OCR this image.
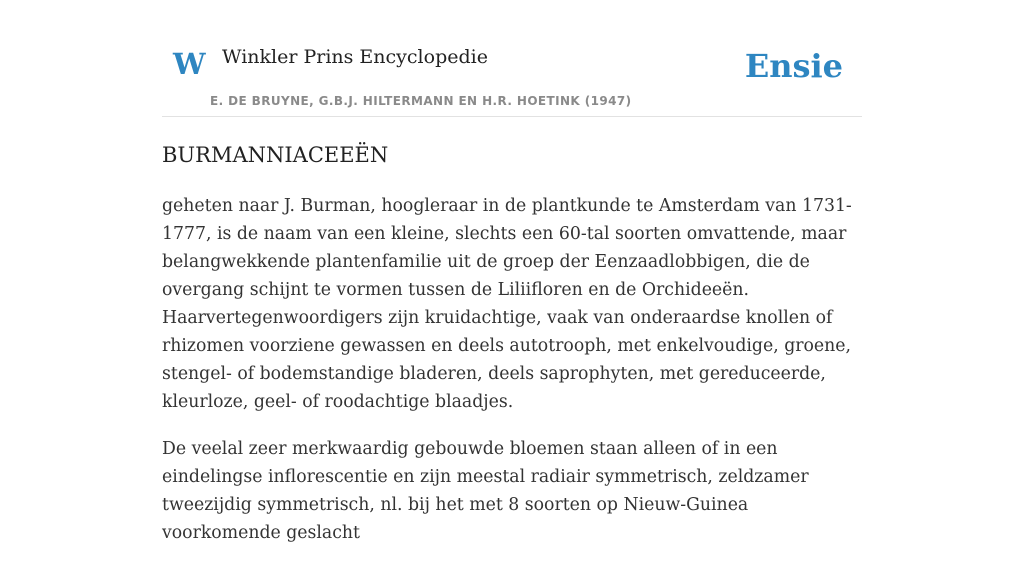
W Winkler Prins Encyclopedie
E. DE BRUYNE, G.B.J. HILTERMANN EN H.R. HOETINK (1947)
Ensie
BURMANNIACEEËN

geheten naar J. Burman, hoogleraar in de plantkunde te Amsterdam van 1731-1777, is de naam van een kleine, slechts een 60-tal soorten omvattende, maar belangwekkende plantenfamilie uit de groep der Eenzaadlobbigen, die de overgang schijnt te vormen tussen de Liliifloren en de Orchideeën. Haarvertegenwoordigers zijn kruidachtige, vaak van onderaardse knollen of rhizomen voorziene gewassen en deels autotrooph, met enkelvoudige, groene, stengel- of bodemstandige bladeren, deels saprophyten, met gereduceerde, kleurloze, geel- of roodachtige blaadjes.

De veelal zeer merkwaardig gebouwde bloemen staan alleen of in een eindelingse inflorescentie en zijn meestal radiair symmetrisch, zeldzamer tweezijdig symmetrisch, nl. bij het met 8 soorten op Nieuw-Guinea voorkomende geslacht
